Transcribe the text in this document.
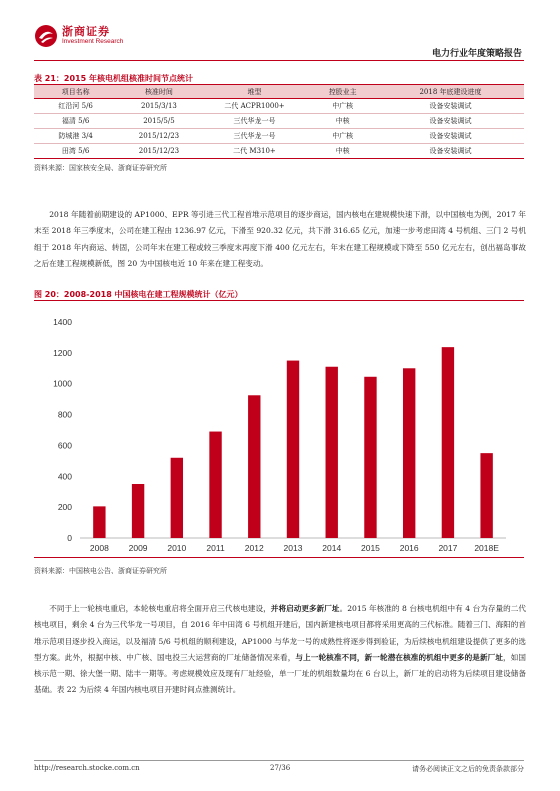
浙商证券
Investment Research
电力行业年度策略报告
表 21：2015 年核电机组核准时间节点统计
项目名称	核准时间	堆型	控股业主	2018 年底建设进度
红沿河 5/6	2015/3/13	二代 ACPR1000+	中广核	设备安装调试
福清 5/6	2015/5/5	三代华龙一号	中核	设备安装调试
防城港 3/4	2015/12/23	三代华龙一号	中广核	设备安装调试
田湾 5/6	2015/12/23	二代 M310+	中核	设备安装调试
资料来源：国家核安全局、浙商证券研究所

2018 年随着前期建设的 AP1000、EPR 等引进三代工程首堆示范项目的逐步商运，国内核电在建规模快速下滑，以中国核电为例，2017 年末至 2018 年三季度末，公司在建工程由 1236.97 亿元，下滑至 920.32 亿元，共下滑 316.65 亿元，加速一步考虑田湾 4 号机组、三门 2 号机组于 2018 年内商运、转固，公司年末在建工程或较三季度末再度下滑 400 亿元左右，年末在建工程规模或下降至 550 亿元左右，创出福岛事故之后在建工程规模新低，图 20 为中国核电近 10 年来在建工程变动。

图 20：2008-2018 中国核电在建工程规模统计（亿元）
0
200
400
600
800
1000
1200
1400
2008 2009 2010 2011 2012 2013 2014 2015 2016 2017 2018E
资料来源：中国核电公告、浙商证券研究所

不同于上一轮核电重启，本轮核电重启将全面开启三代核电建设，并将启动更多新厂址。2015 年核准的 8 台核电机组中有 4 台为存量的二代核电项目，剩余 4 台为三代华龙一号项目，自 2016 年中田湾 6 号机组开建后，国内新建核电项目都将采用更高的三代标准。随着三门、海阳的首堆示范项目逐步投入商运，以及福清 5/6 号机组的顺利建设，AP1000 与华龙一号的成熟性将逐步得到验证，为后续核电机组建设提供了更多的选型方案。此外，根据中核、中广核、国电投三大运营商的厂址储备情况来看，与上一轮核准不同，新一轮潜在核准的机组中更多的是新厂址，如国核示范一期、徐大堡一期、陆丰一期等。考虑规模效应及现有厂址经验，单一厂址的机组数量均在 6 台以上，新厂址的启动将为后续项目建设储备基础。表 22 为后续 4 年国内核电项目开建时间点推测统计。

http://research.stocke.com.cn	27/36	请务必阅读正文之后的免责条款部分
